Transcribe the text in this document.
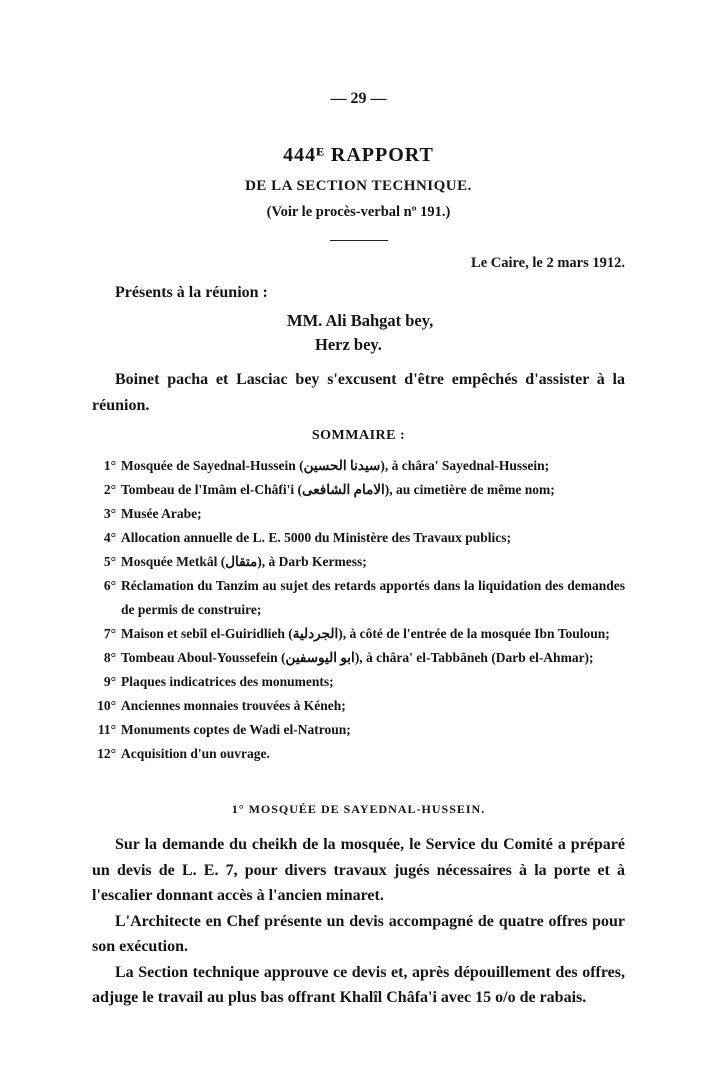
— 29 —
444ᴱ RAPPORT
DE LA SECTION TECHNIQUE.
(Voir le procès-verbal nº 191.)
Le Caire, le 2 mars 1912.
Présents à la réunion :
MM. Ali Bahgat bey,
Herz bey.
Boinet pacha et Lasciac bey s'excusent d'être empêchés d'assister à la réunion.
SOMMAIRE :
1° Mosquée de Sayednal-Hussein (سيدنا الحسين), à châra' Sayednal-Hussein;
2° Tombeau de l'Imâm el-Châfi'i (الامام الشافعى), au cimetière de même nom;
3° Musée Arabe;
4° Allocation annuelle de L. E. 5000 du Ministère des Travaux publics;
5° Mosquée Metkâl (متقال), à Darb Kermess;
6° Réclamation du Tanzim au sujet des retards apportés dans la liquidation des demandes de permis de construire;
7° Maison et sebîl el-Guiridlieh (الجردلية), à côté de l'entrée de la mosquée Ibn Touloun;
8° Tombeau Aboul-Youssefein (ابو اليوسفين), à châra' el-Tabbâneh (Darb el-Ahmar);
9° Plaques indicatrices des monuments;
10° Anciennes monnaies trouvées à Kéneh;
11° Monuments coptes de Wadi el-Natroun;
12° Acquisition d'un ouvrage.
1° MOSQUÉE DE SAYEDNAL-HUSSEIN.
Sur la demande du cheikh de la mosquée, le Service du Comité a préparé un devis de L. E. 7, pour divers travaux jugés nécessaires à la porte et à l'escalier donnant accès à l'ancien minaret.
L'Architecte en Chef présente un devis accompagné de quatre offres pour son exécution.
La Section technique approuve ce devis et, après dépouillement des offres, adjuge le travail au plus bas offrant Khalîl Châfa'i avec 15 o/o de rabais.
